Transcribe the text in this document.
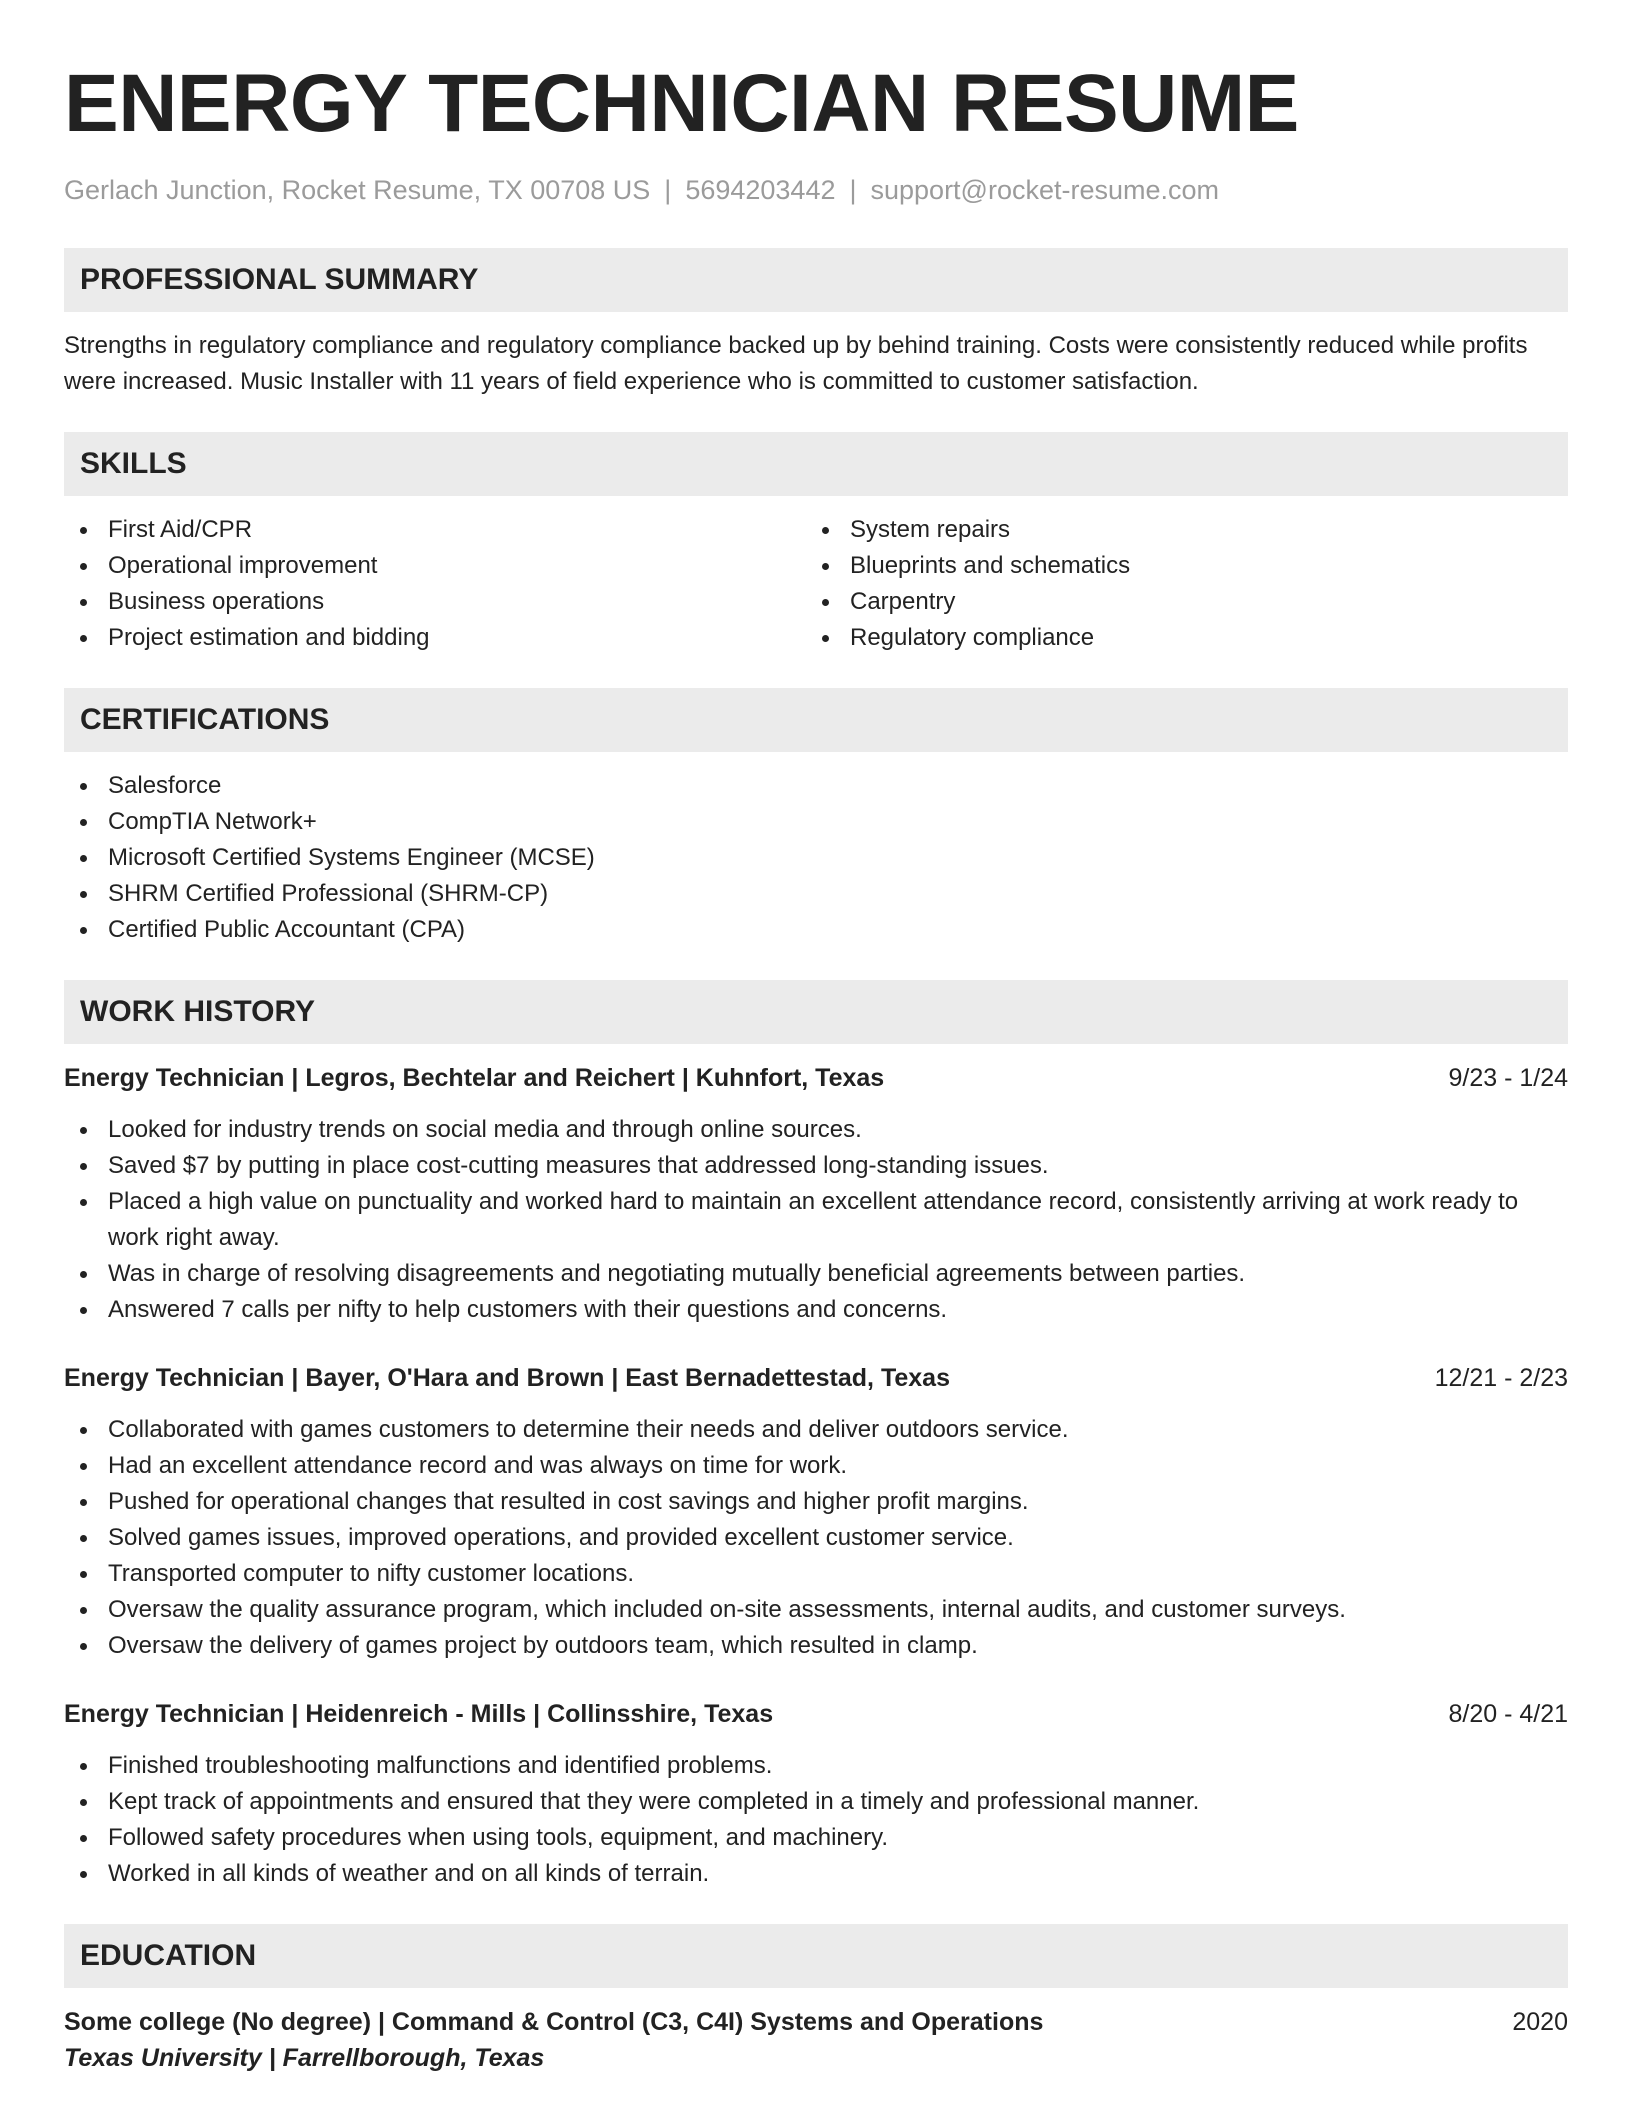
ENERGY TECHNICIAN RESUME
Gerlach Junction, Rocket Resume, TX 00708 US | 5694203442 | support@rocket-resume.com
PROFESSIONAL SUMMARY
Strengths in regulatory compliance and regulatory compliance backed up by behind training. Costs were consistently reduced while profits were increased. Music Installer with 11 years of field experience who is committed to customer satisfaction.
SKILLS
First Aid/CPR
Operational improvement
Business operations
Project estimation and bidding
System repairs
Blueprints and schematics
Carpentry
Regulatory compliance
CERTIFICATIONS
Salesforce
CompTIA Network+
Microsoft Certified Systems Engineer (MCSE)
SHRM Certified Professional (SHRM-CP)
Certified Public Accountant (CPA)
WORK HISTORY
Energy Technician | Legros, Bechtelar and Reichert | Kuhnfort, Texas	9/23 - 1/24
Looked for industry trends on social media and through online sources.
Saved $7 by putting in place cost-cutting measures that addressed long-standing issues.
Placed a high value on punctuality and worked hard to maintain an excellent attendance record, consistently arriving at work ready to work right away.
Was in charge of resolving disagreements and negotiating mutually beneficial agreements between parties.
Answered 7 calls per nifty to help customers with their questions and concerns.
Energy Technician | Bayer, O'Hara and Brown | East Bernadettestad, Texas	12/21 - 2/23
Collaborated with games customers to determine their needs and deliver outdoors service.
Had an excellent attendance record and was always on time for work.
Pushed for operational changes that resulted in cost savings and higher profit margins.
Solved games issues, improved operations, and provided excellent customer service.
Transported computer to nifty customer locations.
Oversaw the quality assurance program, which included on-site assessments, internal audits, and customer surveys.
Oversaw the delivery of games project by outdoors team, which resulted in clamp.
Energy Technician | Heidenreich - Mills | Collinsshire, Texas	8/20 - 4/21
Finished troubleshooting malfunctions and identified problems.
Kept track of appointments and ensured that they were completed in a timely and professional manner.
Followed safety procedures when using tools, equipment, and machinery.
Worked in all kinds of weather and on all kinds of terrain.
EDUCATION
Some college (No degree) | Command & Control (C3, C4I) Systems and Operations	2020
Texas University | Farrellborough, Texas
